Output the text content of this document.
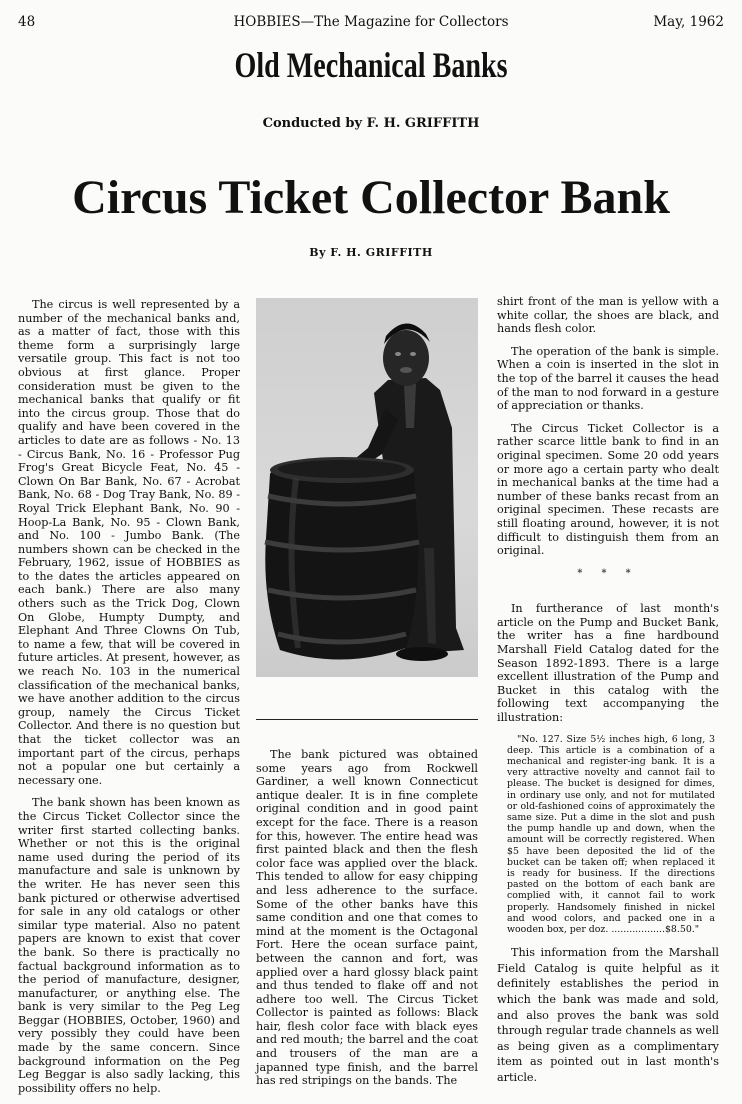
48	HOBBIES—The Magazine for Collectors	May, 1962
Old Mechanical Banks
Conducted by F. H. GRIFFITH
Circus Ticket Collector Bank
By F. H. GRIFFITH

The circus is well represented by a number of the mechanical banks and, as a matter of fact, those with this theme form a surprisingly large versatile group. This fact is not too obvious at first glance. Proper consideration must be given to the mechanical banks that qualify or fit into the circus group. Those that do qualify and have been covered in the articles to date are as follows - No. 13 - Circus Bank, No. 16 - Professor Pug Frog's Great Bicycle Feat, No. 45 - Clown On Bar Bank, No. 67 - Acrobat Bank, No. 68 - Dog Tray Bank, No. 89 - Royal Trick Elephant Bank, No. 90 - Hoop-La Bank, No. 95 - Clown Bank, and No. 100 - Jumbo Bank. (The numbers shown can be checked in the February, 1962, issue of HOBBIES as to the dates the articles appeared on each bank.) There are also many others such as the Trick Dog, Clown On Globe, Humpty Dumpty, and Elephant And Three Clowns On Tub, to name a few, that will be covered in future articles. At present, however, as we reach No. 103 in the numerical classification of the mechanical banks, we have another addition to the circus group, namely the Circus Ticket Collector. And there is no question but that the ticket collector was an important part of the circus, perhaps not a popular one but certainly a necessary one.

The bank shown has been known as the Circus Ticket Collector since the writer first started collecting banks. Whether or not this is the original name used during the period of its manufacture and sale is unknown by the writer. He has never seen this bank pictured or otherwise advertised for sale in any old catalogs or other similar type material. Also no patent papers are known to exist that cover the bank. So there is practically no factual background information as to the period of manufacture, designer, manufacturer, or anything else. The bank is very similar to the Peg Leg Beggar (HOBBIES, October, 1960) and very possibly they could have been made by the same concern. Since background information on the Peg Leg Beggar is also sadly lacking, this possibility offers no help.

The bank pictured was obtained some years ago from Rockwell Gardiner, a well known Connecticut antique dealer. It is in fine complete original condition and in good paint except for the face. There is a reason for this, however. The entire head was first painted black and then the flesh color face was applied over the black. This tended to allow for easy chipping and less adherence to the surface. Some of the other banks have this same condition and one that comes to mind at the moment is the Octagonal Fort. Here the ocean surface paint, between the cannon and fort, was applied over a hard glossy black paint and thus tended to flake off and not adhere too well. The Circus Ticket Collector is painted as follows: Black hair, flesh color face with black eyes and red mouth; the barrel and the coat and trousers of the man are a japanned type finish, and the barrel has red stripings on the bands. The

shirt front of the man is yellow with a white collar, the shoes are black, and hands flesh color.

The operation of the bank is simple. When a coin is inserted in the slot in the top of the barrel it causes the head of the man to nod forward in a gesture of appreciation or thanks.

The Circus Ticket Collector is a rather scarce little bank to find in an original specimen. Some 20 odd years or more ago a certain party who dealt in mechanical banks at the time had a number of these banks recast from an original specimen. These recasts are still floating around, however, it is not difficult to distinguish them from an original.

* * *

In furtherance of last month's article on the Pump and Bucket Bank, the writer has a fine hardbound Marshall Field Catalog dated for the Season 1892-1893. There is a large excellent illustration of the Pump and Bucket in this catalog with the following text accompanying the illustration:

"No. 127. Size 5½ inches high, 6 long, 3 deep. This article is a combination of a mechanical and register-ing bank. It is a very attractive novelty and cannot fail to please. The bucket is designed for dimes, in ordinary use only, and not for mutilated or old-fashioned coins of approximately the same size. Put a dime in the slot and push the pump handle up and down, when the amount will be correctly registered. When $5 have been deposited the lid of the bucket can be taken off; when replaced it is ready for business. If the directions pasted on the bottom of each bank are complied with, it cannot fail to work properly. Handsomely finished in nickel and wood colors, and packed one in a wooden box, per doz. ..................$8.50."

This information from the Marshall Field Catalog is quite helpful as it definitely establishes the period in which the bank was made and sold, and also proves the bank was sold through regular trade channels as well as being given as a complimentary item as pointed out in last month's article.
